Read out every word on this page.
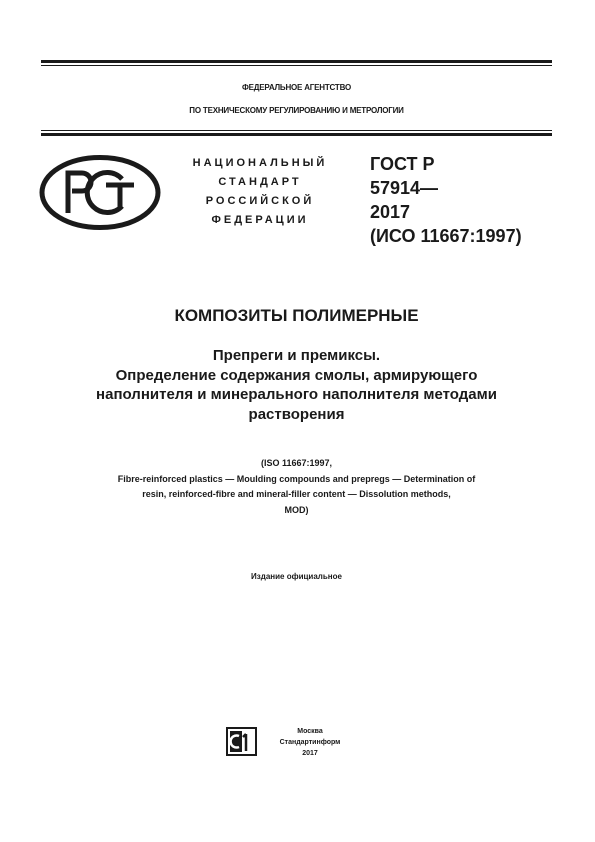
ФЕДЕРАЛЬНОЕ АГЕНТСТВО
ПО ТЕХНИЧЕСКОМУ РЕГУЛИРОВАНИЮ И МЕТРОЛОГИИ
НАЦИОНАЛЬНЫЙ
СТАНДАРТ
РОССИЙСКОЙ
ФЕДЕРАЦИИ
ГОСТ Р
57914—
2017
(ИСО 11667:1997)
КОМПОЗИТЫ ПОЛИМЕРНЫЕ
Препреги и премиксы.
Определение содержания смолы, армирующего
наполнителя и минерального наполнителя методами
растворения
(ISO 11667:1997,
Fibre-reinforced plastics — Moulding compounds and prepregs — Determination of
resin, reinforced-fibre and mineral-filler content — Dissolution methods,
MOD)
Издание официальное
Москва
Стандартинформ
2017
